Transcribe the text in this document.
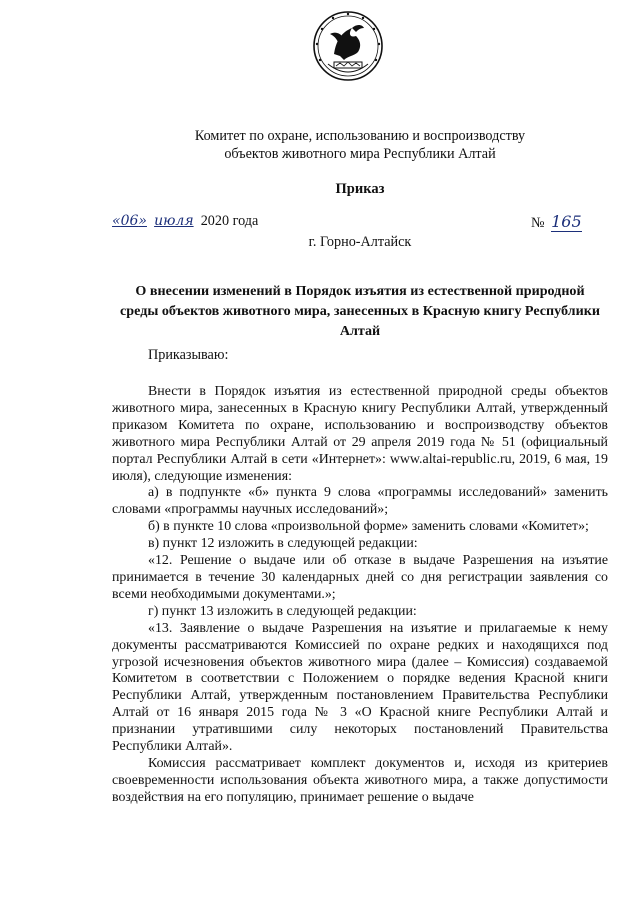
Комитет по охране, использованию и воспроизводству
объектов животного мира Республики Алтай
Приказ
«06» июля 2020 года	№ 165
г. Горно-Алтайск
О внесении изменений в Порядок изъятия из естественной природной
среды объектов животного мира, занесенных в Красную книгу Республики
Алтай
Приказываю:

Внести в Порядок изъятия из естественной природной среды объектов животного мира, занесенных в Красную книгу Республики Алтай, утвержденный приказом Комитета по охране, использованию и воспроизводству объектов животного мира Республики Алтай от 29 апреля 2019 года № 51 (официальный портал Республики Алтай в сети «Интернет»: www.altai-republic.ru, 2019, 6 мая, 19 июля), следующие изменения:

а) в подпункте «б» пункта 9 слова «программы исследований» заменить словами «программы научных исследований»;

б) в пункте 10 слова «произвольной форме» заменить словами «Комитет»;

в) пункт 12 изложить в следующей редакции:

«12. Решение о выдаче или об отказе в выдаче Разрешения на изъятие принимается в течение 30 календарных дней со дня регистрации заявления со всеми необходимыми документами.»;

г) пункт 13 изложить в следующей редакции:

«13. Заявление о выдаче Разрешения на изъятие и прилагаемые к нему документы рассматриваются Комиссией по охране редких и находящихся под угрозой исчезновения объектов животного мира (далее – Комиссия) создаваемой Комитетом в соответствии с Положением о порядке ведения Красной книги Республики Алтай, утвержденным постановлением Правительства Республики Алтай от 16 января 2015 года № 3 «О Красной книге Республики Алтай и признании утратившими силу некоторых постановлений Правительства Республики Алтай».

Комиссия рассматривает комплект документов и, исходя из критериев своевременности использования объекта животного мира, а также допустимости воздействия на его популяцию, принимает решение о выдаче
